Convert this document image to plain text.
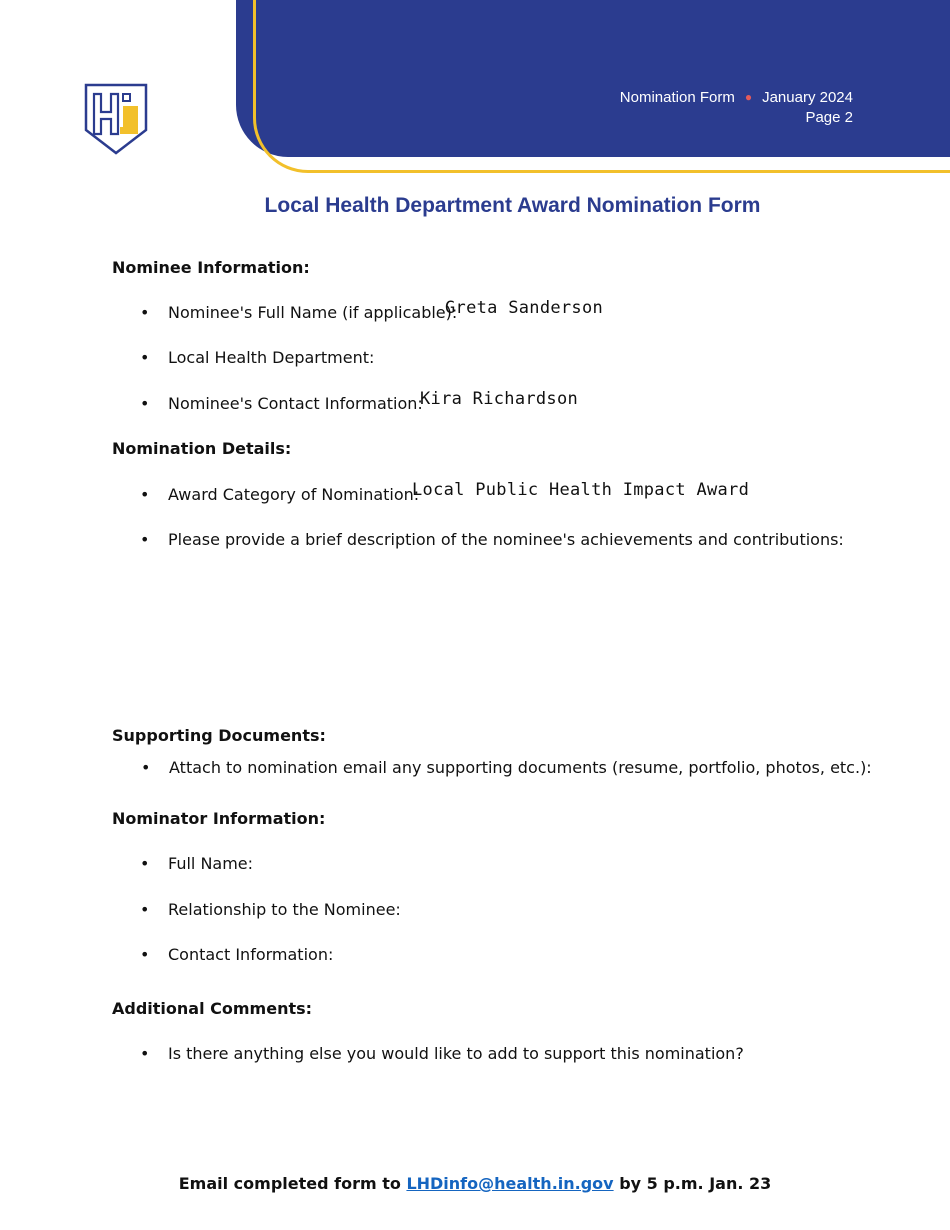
Nomination Form ● January 2024
Page 2
Local Health Department Award Nomination Form
Nominee Information:
• Nominee's Full Name (if applicable):
Greta Sanderson
• Local Health Department:
• Nominee's Contact Information:
Kira Richardson
Nomination Details:
• Award Category of Nomination:
Local Public Health Impact Award
• Please provide a brief description of the nominee's achievements and contributions:
Supporting Documents:
• Attach to nomination email any supporting documents (resume, portfolio, photos, etc.):
Nominator Information:
• Full Name:
• Relationship to the Nominee:
• Contact Information:
Additional Comments:
• Is there anything else you would like to add to support this nomination?
Email completed form to LHDinfo@health.in.gov by 5 p.m. Jan. 23
